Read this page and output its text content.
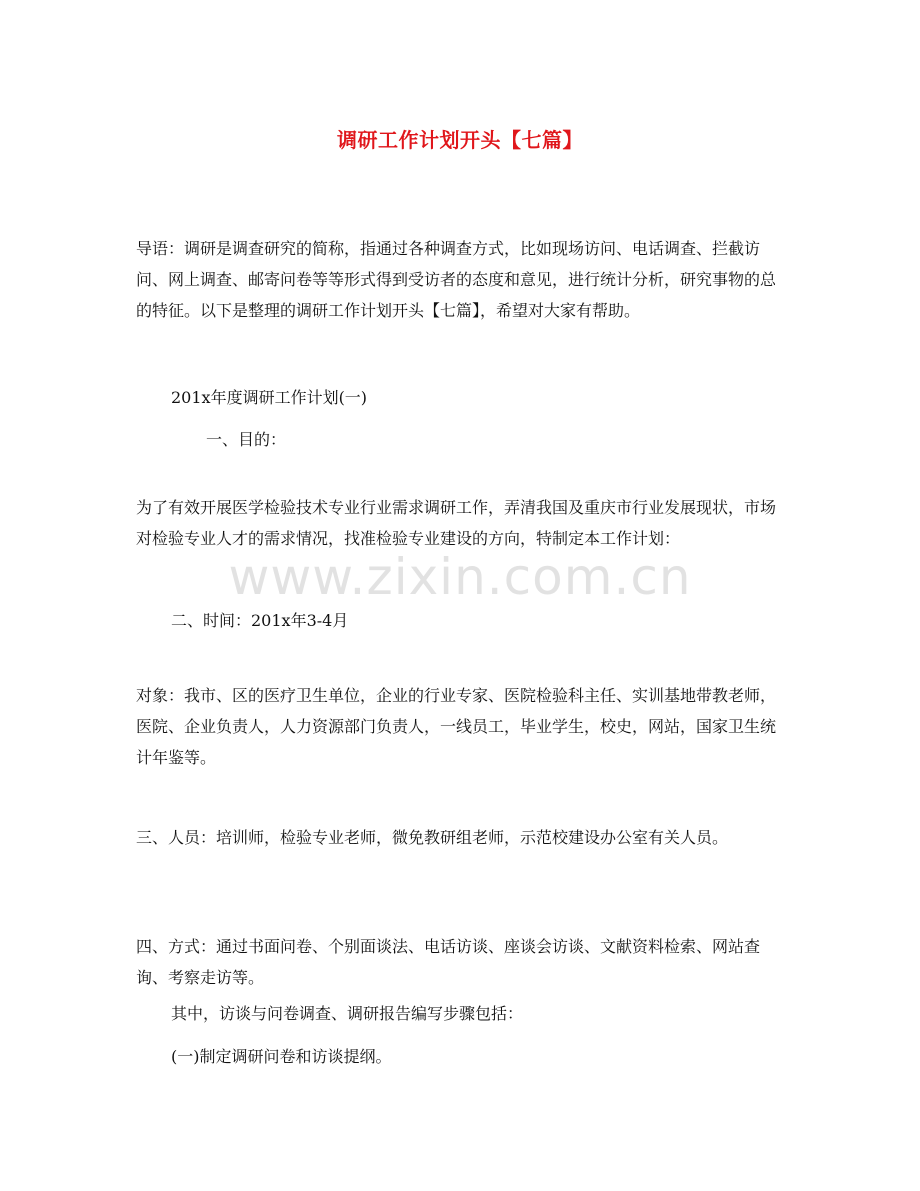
调研工作计划开头【七篇】

导语：调研是调查研究的简称，指通过各种调查方式，比如现场访问、电话调查、拦截访问、网上调查、邮寄问卷等等形式得到受访者的态度和意见，进行统计分析，研究事物的总的特征。以下是整理的调研工作计划开头【七篇】，希望对大家有帮助。

201x年度调研工作计划(一)

一、目的：

为了有效开展医学检验技术专业行业需求调研工作，弄清我国及重庆市行业发展现状，市场对检验专业人才的需求情况，找准检验专业建设的方向，特制定本工作计划：

二、时间：201x年3-4月

对象：我市、区的医疗卫生单位，企业的行业专家、医院检验科主任、实训基地带教老师，医院、企业负责人，人力资源部门负责人，一线员工，毕业学生，校史，网站，国家卫生统计年鉴等。

三、人员：培训师，检验专业老师，微免教研组老师，示范校建设办公室有关人员。

四、方式：通过书面问卷、个别面谈法、电话访谈、座谈会访谈、文献资料检索、网站查询、考察走访等。

其中，访谈与问卷调查、调研报告编写步骤包括：

(一)制定调研问卷和访谈提纲。

www.zixin.com.cn
